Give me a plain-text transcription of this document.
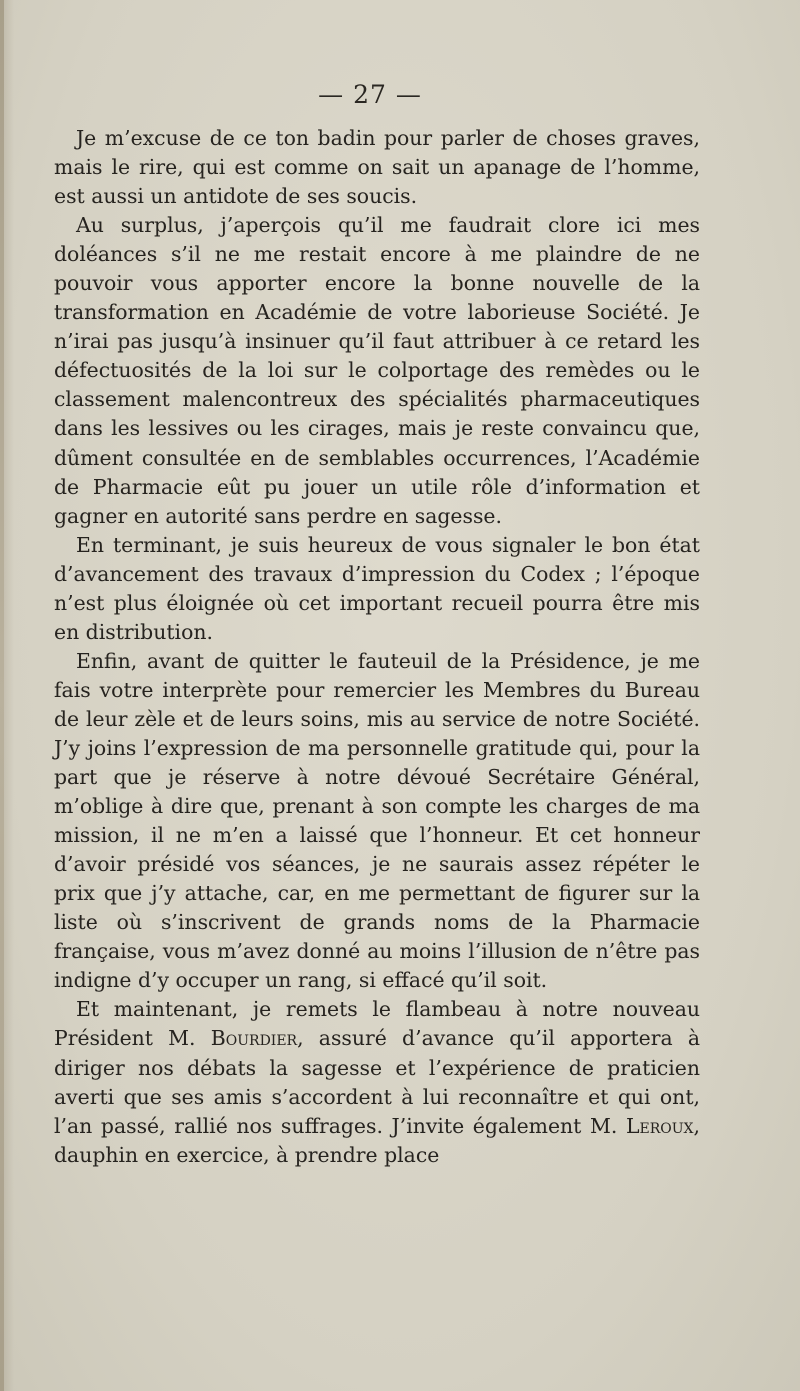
— 27 —

Je m’excuse de ce ton badin pour parler de choses graves, mais le rire, qui est comme on sait un apanage de l’homme, est aussi un antidote de ses soucis.

Au surplus, j’aperçois qu’il me faudrait clore ici mes doléances s’il ne me restait encore à me plaindre de ne pouvoir vous apporter encore la bonne nouvelle de la transformation en Académie de votre laborieuse Société. Je n’irai pas jusqu’à insinuer qu’il faut attribuer à ce retard les défectuosités de la loi sur le colportage des remèdes ou le classement malencontreux des spécialités pharmaceutiques dans les lessives ou les cirages, mais je reste convaincu que, dûment consultée en de semblables occurrences, l’Académie de Pharmacie eût pu jouer un utile rôle d’information et gagner en autorité sans perdre en sagesse.

En terminant, je suis heureux de vous signaler le bon état d’avancement des travaux d’impression du Codex ; l’époque n’est plus éloignée où cet important recueil pourra être mis en distribution.

Enfin, avant de quitter le fauteuil de la Présidence, je me fais votre interprète pour remercier les Membres du Bureau de leur zèle et de leurs soins, mis au service de notre Société. J’y joins l’expression de ma personnelle gratitude qui, pour la part que je réserve à notre dévoué Secrétaire Général, m’oblige à dire que, prenant à son compte les charges de ma mission, il ne m’en a laissé que l’honneur. Et cet honneur d’avoir présidé vos séances, je ne saurais assez répéter le prix que j’y attache, car, en me permettant de figurer sur la liste où s’inscrivent de grands noms de la Pharmacie française, vous m’avez donné au moins l’illusion de n’être pas indigne d’y occuper un rang, si effacé qu’il soit.

Et maintenant, je remets le flambeau à notre nouveau Président M. Bourdier, assuré d’avance qu’il apportera à diriger nos débats la sagesse et l’expérience de praticien averti que ses amis s’accordent à lui reconnaître et qui ont, l’an passé, rallié nos suffrages. J’invite également M. Leroux, dauphin en exercice, à prendre place
